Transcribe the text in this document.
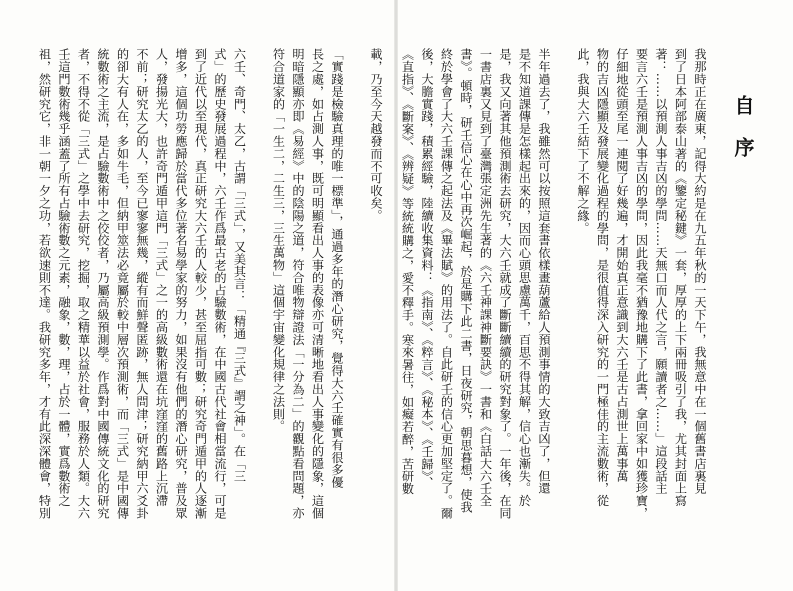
自序
我那時正在廣東，記得大約是在九五年秋的一天下午，我無意中在一個舊書店裏見
到了日本阿部泰山著的《鑒定秘鍵》一套，厚厚的上下兩冊吸引了我，尤其封面上寫
著：……以預測人事吉凶的學問……天無口而人代之言，願讀者之……」這段話主
要言六壬是預測人事吉凶的學問，因此我毫不猶豫地購下了此書，拿回家中如獲珍寶，
仔細地從頭至尾一連閱了好幾遍，才開始真正意識到大六壬是古占測世上萬事萬
物的吉凶隱顯及發展變化過程的學問，是很值得深入研究的一門極佳的主流數術，從
此，我與大六壬結下了不解之緣。

半年過去了，我雖然可以按照這套書依樣畫葫蘆給人預測事情的大致吉凶了，但還
是不知道課傳是怎樣起出來的，因而心頭思慮萬千，百思不得其解，信心也漸失。於
是，我又向著其他預測術去研究，大六壬就成了斷斷續續的研究對象了。一年後，在同
一書店裏又見到了臺灣張定洲先生著的《六壬神課神斷要訣》一書和《白話大六壬全
書》。頓時，研壬信心在心中再次崛起，於是購下此二書，日夜研究，朝思暮想，使我
終於學會了大六壬課傳之起法及《畢法賦》的用法了。自此研壬的信心更加堅定了。爾
後，大膽實踐，積累經驗，陸續收集資料：《指南》、《粹言》、《秘本》、《壬歸》、
《直指》、《斷案》、《辨疑》等統統購之，愛不釋手。寒來暑往，如癡若醉，苦研數
載，乃至今天越發而不可收矣。

「實踐是檢驗真理的唯一標準」，通過多年的潛心研究，覺得大六壬確實有很多優
長之處，如占測人事，既可明顯看出人事的表像亦可清晰地看出人事變化的隱象，這個
明暗隱顯亦即《易經》中的陰陽之道，符合唯物辯證法「一分為二」的觀點看問題，亦
符合道家的「一生二，二生三，三生萬物」這個宇宙變化規律之法則。

六壬、奇門、太乙，古謂「三式」，又美其言：「精通『三式』謂之神」。在「三
式」的歷史發展過程中，六壬作爲最古老的占驗數術，在中國古代社會相當流行，可是
到了近代以至現代，真正研究大六壬的人較少，甚至屈指可數；研究奇門遁甲的人逐漸
增多，這個功勞應歸於當代多位著名易學家的努力，如果沒有他們的潛心研究，普及眾
人，發揚光大，也許奇門遁甲這門「三式」之一的高級數術還在坑窪窪的舊路上沉滯
不前；研究太乙的人，至今已寥寥無幾，縱有而鮮聲匿跡，無人問津；研究納甲六爻卦
的卻大有人在，多如牛毛，但納甲筮法必竟屬於較中層次預測術，而「三式」是中國傳
統數術之主流，是占驗數術中之佼佼者，乃屬高級預測學。作爲對中國傳統文化的研究
者，不得不從「三式」之學中去研究，挖掘，取之精華以益於社會，服務於人類。大六
壬這門數術幾乎涵蓋了所有占驗術數之元素，融象，數，理，占於一體，實爲數術之
祖，然研究它，非一朝一夕之功，若欲速則不達。我研究多年，才有此深深體會，特別
